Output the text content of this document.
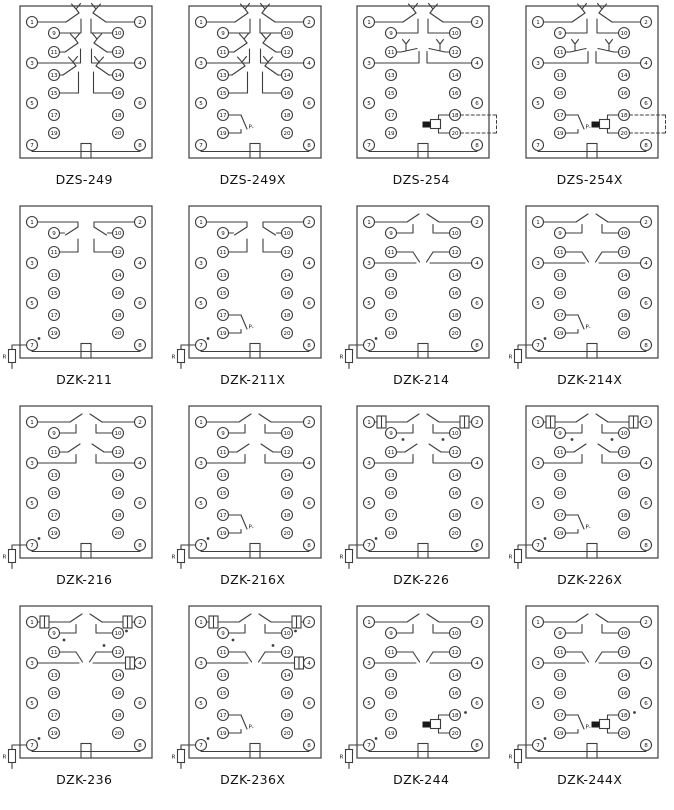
1
3
5
7
2
4
6
8
9
11
13
15
17
19
10
12
14
16
18
20
DZS-249
P-
1
3
5
7
2
4
6
8
9
11
13
15
17
19
10
12
14
16
18
20
DZS-249X
1
3
5
7
2
4
6
8
9
11
13
15
17
19
10
12
14
16
18
20
DZS-254
P-
1
3
5
7
2
4
6
8
9
11
13
15
17
19
10
12
14
16
18
20
DZS-254X
R
1
3
5
7
2
4
6
8
9
11
13
15
17
19
10
12
14
16
18
20
DZK-211
P-
R
1
3
5
7
2
4
6
8
9
11
13
15
17
19
10
12
14
16
18
20
DZK-211X
R
1
3
5
7
2
4
6
8
9
11
13
15
17
19
10
12
14
16
18
20
DZK-214
P-
R
1
3
5
7
2
4
6
8
9
11
13
15
17
19
10
12
14
16
18
20
DZK-214X
R
1
3
5
7
2
4
6
8
9
11
13
15
17
19
10
12
14
16
18
20
DZK-216
P-
R
1
3
5
7
2
4
6
8
9
11
13
15
17
19
10
12
14
16
18
20
DZK-216X
R
1
3
5
7
2
4
6
8
9
11
13
15
17
19
10
12
14
16
18
20
DZK-226
P-
R
1
3
5
7
2
4
6
8
9
11
13
15
17
19
10
12
14
16
18
20
DZK-226X
R
1
3
5
7
2
4
6
8
9
11
13
15
17
19
10
12
14
16
18
20
DZK-236
P-
R
1
3
5
7
2
4
6
8
9
11
13
15
17
19
10
12
14
16
18
20
DZK-236X
R
1
3
5
7
2
4
6
8
9
11
13
15
17
19
10
12
14
16
18
20
DZK-244
P-
R
1
3
5
7
2
4
6
8
9
11
13
15
17
19
10
12
14
16
18
20
DZK-244X
